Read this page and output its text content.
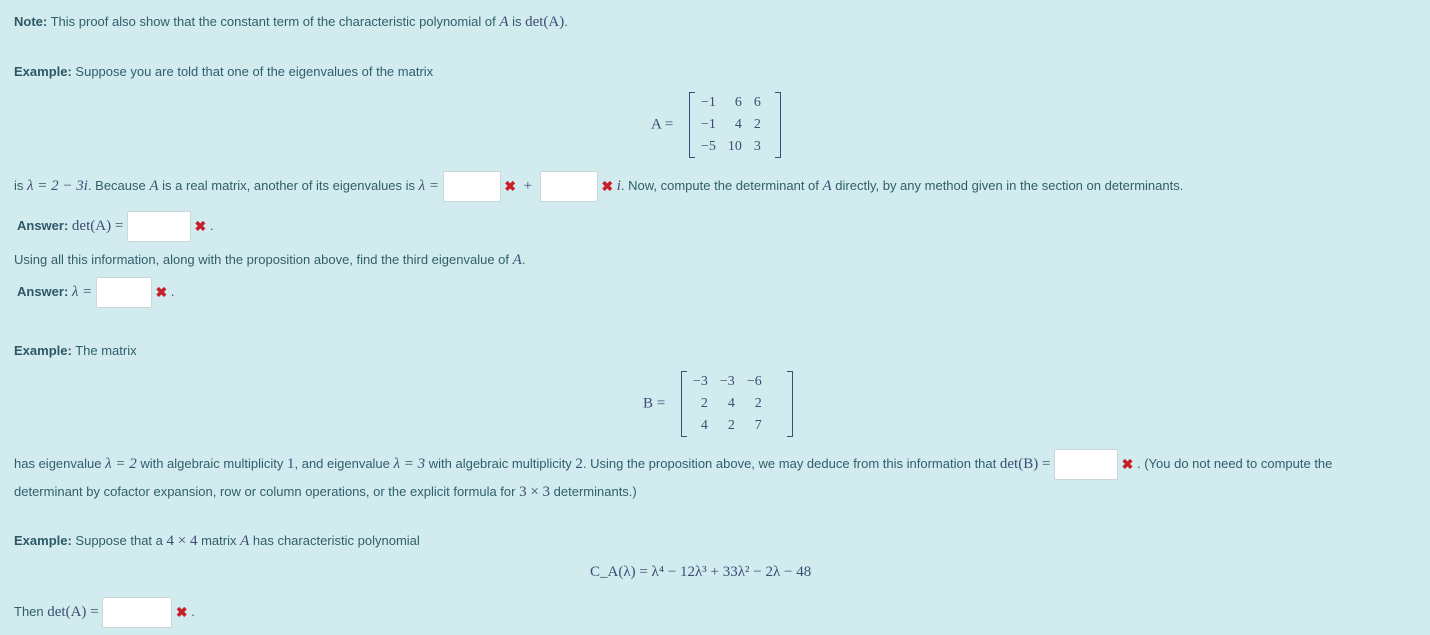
Note: This proof also show that the constant term of the characteristic polynomial of A is det(A).
Example: Suppose you are told that one of the eigenvalues of the matrix
A =
−1	6	6
−1	4	2
−5	10	3
is λ = 2 − 3i. Because A is a real matrix, another of its eigenvalues is λ =	✖ +	✖ i. Now, compute the determinant of A directly, by any method given in the section on determinants.
Answer: det(A) =	✖ .
Using all this information, along with the proposition above, find the third eigenvalue of A.
Answer: λ =	✖ .
Example: The matrix
B =
−3	−3	−6
2	4	2
4	2	7
has eigenvalue λ = 2 with algebraic multiplicity 1, and eigenvalue λ = 3 with algebraic multiplicity 2. Using the proposition above, we may deduce from this information that det(B) =	✖ . (You do not need to compute the
determinant by cofactor expansion, row or column operations, or the explicit formula for 3 × 3 determinants.)
Example: Suppose that a 4 × 4 matrix A has characteristic polynomial
C_A(λ) = λ⁴ − 12λ³ + 33λ² − 2λ − 48
Then det(A) =	✖ .
